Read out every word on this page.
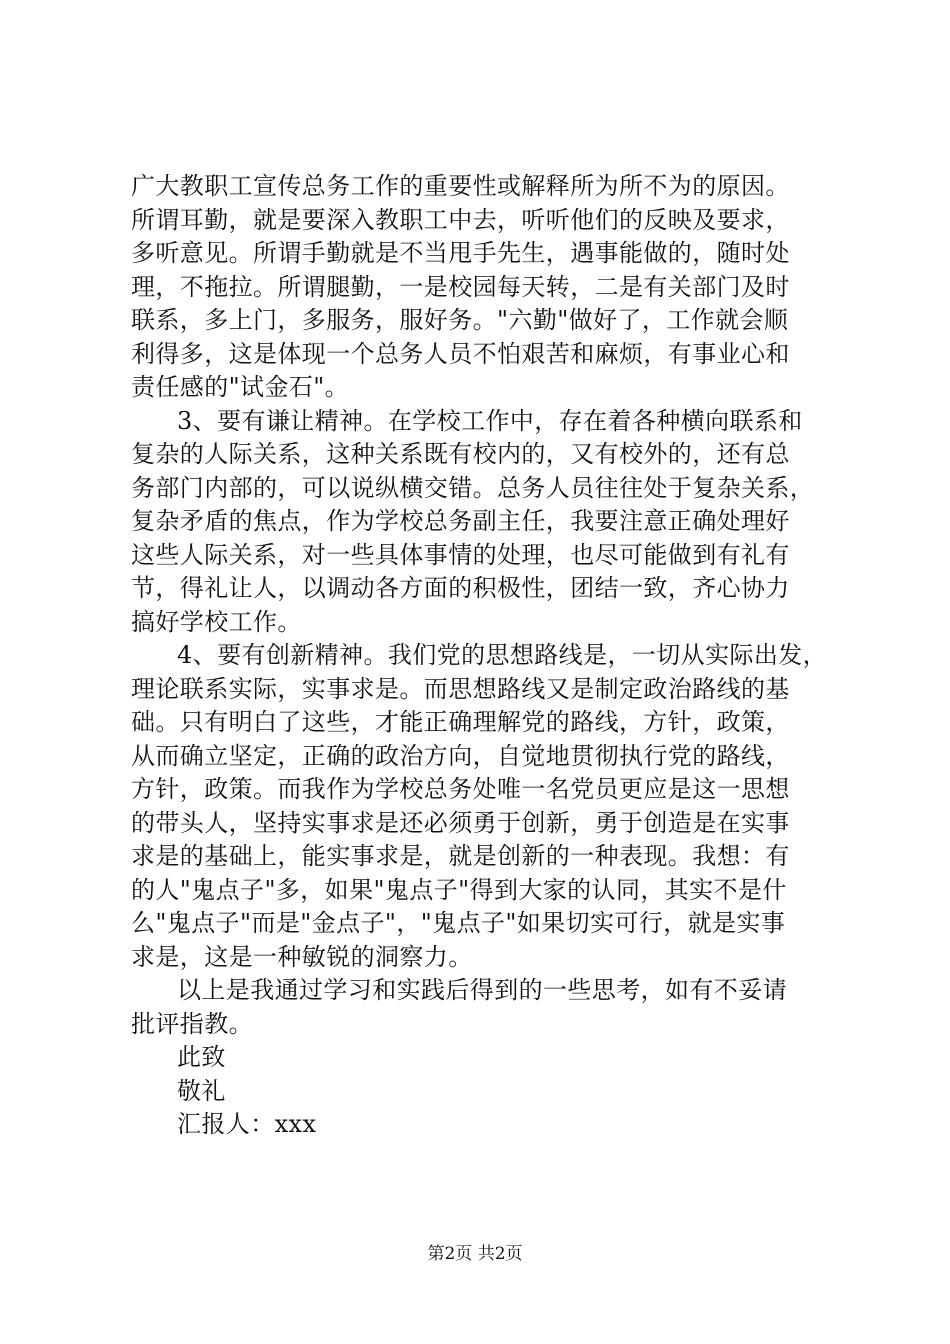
广大教职工宣传总务工作的重要性或解释所为所不为的原因。
所谓耳勤，就是要深入教职工中去，听听他们的反映及要求，
多听意见。所谓手勤就是不当甩手先生，遇事能做的，随时处
理，不拖拉。所谓腿勤，一是校园每天转，二是有关部门及时
联系，多上门，多服务，服好务。"六勤"做好了，工作就会顺
利得多，这是体现一个总务人员不怕艰苦和麻烦，有事业心和
责任感的"试金石"。
3、要有谦让精神。在学校工作中，存在着各种横向联系和
复杂的人际关系，这种关系既有校内的，又有校外的，还有总
务部门内部的，可以说纵横交错。总务人员往往处于复杂关系，
复杂矛盾的焦点，作为学校总务副主任，我要注意正确处理好
这些人际关系，对一些具体事情的处理，也尽可能做到有礼有
节，得礼让人，以调动各方面的积极性，团结一致，齐心协力
搞好学校工作。
4、要有创新精神。我们党的思想路线是，一切从实际出发，
理论联系实际，实事求是。而思想路线又是制定政治路线的基
础。只有明白了这些，才能正确理解党的路线，方针，政策，
从而确立坚定，正确的政治方向，自觉地贯彻执行党的路线，
方针，政策。而我作为学校总务处唯一名党员更应是这一思想
的带头人，坚持实事求是还必须勇于创新，勇于创造是在实事
求是的基础上，能实事求是，就是创新的一种表现。我想：有
的人"鬼点子"多，如果"鬼点子"得到大家的认同，其实不是什
么"鬼点子"而是"金点子"，"鬼点子"如果切实可行，就是实事
求是，这是一种敏锐的洞察力。
以上是我通过学习和实践后得到的一些思考，如有不妥请
批评指教。
此致
敬礼
汇报人：xxx
第2页 共2页
